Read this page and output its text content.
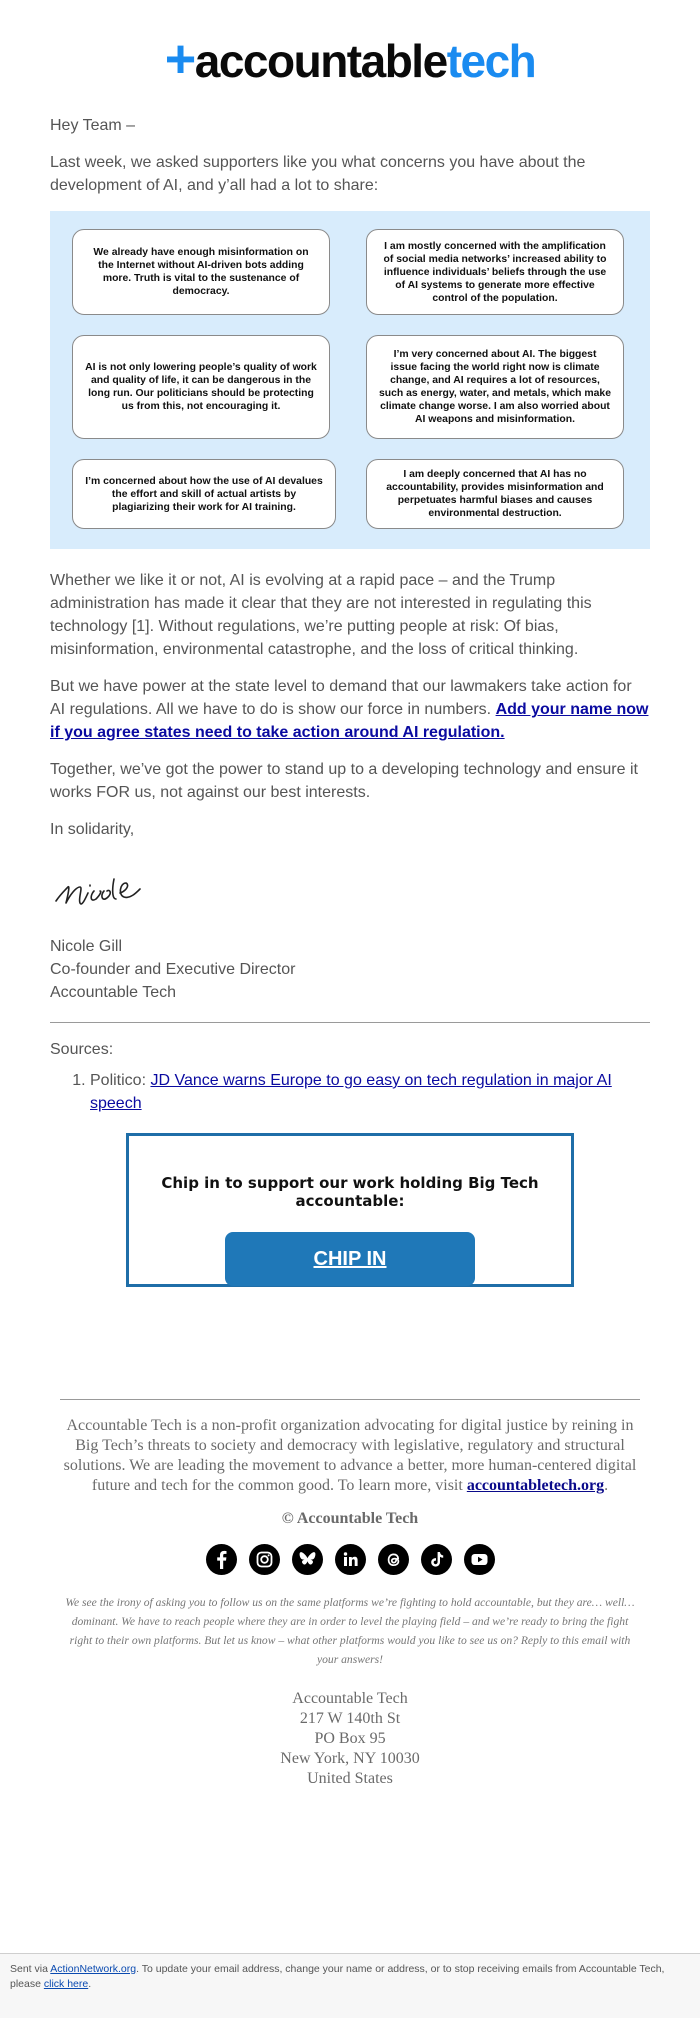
+accountabletech

Hey Team –

Last week, we asked supporters like you what concerns you have about the development of AI, and y’all had a lot to share:

We already have enough misinformation on the Internet without AI-driven bots adding more. Truth is vital to the sustenance of democracy.
I am mostly concerned with the amplification of social media networks’ increased ability to influence individuals’ beliefs through the use of AI systems to generate more effective control of the population.
AI is not only lowering people’s quality of work and quality of life, it can be dangerous in the long run. Our politicians should be protecting us from this, not encouraging it.
I’m very concerned about AI. The biggest issue facing the world right now is climate change, and AI requires a lot of resources, such as energy, water, and metals, which make climate change worse. I am also worried about AI weapons and misinformation.
I’m concerned about how the use of AI devalues the effort and skill of actual artists by plagiarizing their work for AI training.
I am deeply concerned that AI has no accountability, provides misinformation and perpetuates harmful biases and causes environmental destruction.

Whether we like it or not, AI is evolving at a rapid pace – and the Trump administration has made it clear that they are not interested in regulating this technology [1]. Without regulations, we’re putting people at risk: Of bias, misinformation, environmental catastrophe, and the loss of critical thinking.

But we have power at the state level to demand that our lawmakers take action for AI regulations. All we have to do is show our force in numbers. Add your name now if you agree states need to take action around AI regulation.

Together, we’ve got the power to stand up to a developing technology and ensure it works FOR us, not against our best interests.

In solidarity,

Nicole

Nicole Gill

Co-founder and Executive Director

Accountable Tech

Sources:

1. Politico: JD Vance warns Europe to go easy on tech regulation in major AI speech
Chip in to support our work holding Big Tech accountable:
CHIP IN
Accountable Tech is a non-profit organization advocating for digital justice by reining in Big Tech’s threats to society and democracy with legislative, regulatory and structural solutions. We are leading the movement to advance a better, more human-centered digital future and tech for the common good. To learn more, visit accountabletech.org.
© Accountable Tech
We see the irony of asking you to follow us on the same platforms we’re fighting to hold accountable, but they are… well… dominant. We have to reach people where they are in order to level the playing field – and we’re ready to bring the fight right to their own platforms. But let us know – what other platforms would you like to see us on? Reply to this email with your answers!
Accountable Tech
217 W 140th St
PO Box 95
New York, NY 10030
United States
Sent via ActionNetwork.org. To update your email address, change your name or address, or to stop receiving emails from Accountable Tech, please click here.
